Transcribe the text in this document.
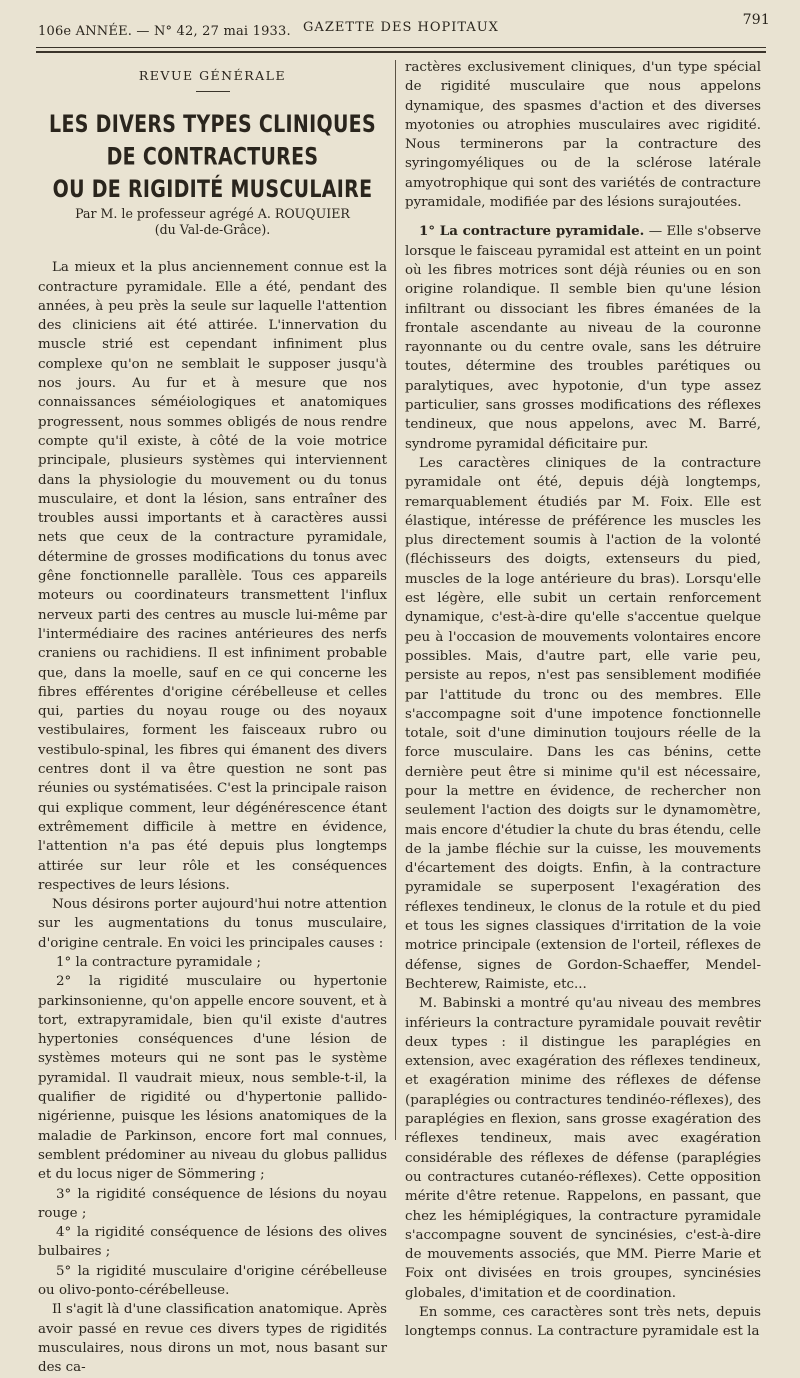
106e ANNÉE. — N° 42, 27 mai 1933. GAZETTE DES HOPITAUX	791
REVUE GÉNÉRALE
LES DIVERS TYPES CLINIQUES DE CONTRACTURES
OU DE RIGIDITÉ MUSCULAIRE
Par M. le professeur agrégé A. ROUQUIER
(du Val-de-Grâce).

La mieux et la plus anciennement connue est la contracture pyramidale. Elle a été, pendant des années, à peu près la seule sur laquelle l'attention des cliniciens ait été attirée. L'innervation du muscle strié est cependant infiniment plus complexe qu'on ne semblait le supposer jusqu'à nos jours. Au fur et à mesure que nos connaissances séméiologiques et anatomiques progressent, nous sommes obligés de nous rendre compte qu'il existe, à côté de la voie motrice principale, plusieurs systèmes qui interviennent dans la physiologie du mouvement ou du tonus musculaire, et dont la lésion, sans entraîner des troubles aussi importants et à caractères aussi nets que ceux de la contracture pyramidale, détermine de grosses modifications du tonus avec gêne fonctionnelle parallèle. Tous ces appareils moteurs ou coordinateurs transmettent l'influx nerveux parti des centres au muscle lui-même par l'intermédiaire des racines antérieures des nerfs craniens ou rachidiens. Il est infiniment probable que, dans la moelle, sauf en ce qui concerne les fibres efférentes d'origine cérébelleuse et celles qui, parties du noyau rouge ou des noyaux vestibulaires, forment les faisceaux rubro ou vestibulo-spinal, les fibres qui émanent des divers centres dont il va être question ne sont pas réunies ou systématisées. C'est la principale raison qui explique comment, leur dégénérescence étant extrêmement difficile à mettre en évidence, l'attention n'a pas été depuis plus longtemps attirée sur leur rôle et les conséquences respectives de leurs lésions.

Nous désirons porter aujourd'hui notre attention sur les augmentations du tonus musculaire, d'origine centrale. En voici les principales causes :

1° la contracture pyramidale ;

2° la rigidité musculaire ou hypertonie parkinsonienne, qu'on appelle encore souvent, et à tort, extrapyramidale, bien qu'il existe d'autres hypertonies conséquences d'une lésion de systèmes moteurs qui ne sont pas le système pyramidal. Il vaudrait mieux, nous semble-t-il, la qualifier de rigidité ou d'hypertonie pallido-nigérienne, puisque les lésions anatomiques de la maladie de Parkinson, encore fort mal connues, semblent prédominer au niveau du globus pallidus et du locus niger de Sömmering ;

3° la rigidité conséquence de lésions du noyau rouge ;

4° la rigidité conséquence de lésions des olives bulbaires ;

5° la rigidité musculaire d'origine cérébelleuse ou olivo-ponto-cérébelleuse.

Il s'agit là d'une classification anatomique. Après avoir passé en revue ces divers types de rigidités musculaires, nous dirons un mot, nous basant sur des ca-

ractères exclusivement cliniques, d'un type spécial de rigidité musculaire que nous appelons dynamique, des spasmes d'action et des diverses myotonies ou atrophies musculaires avec rigidité. Nous terminerons par la contracture des syringomyéliques ou de la sclérose latérale amyotrophique qui sont des variétés de contracture pyramidale, modifiée par des lésions surajoutées.

1° La contracture pyramidale. — Elle s'observe lorsque le faisceau pyramidal est atteint en un point où les fibres motrices sont déjà réunies ou en son origine rolandique. Il semble bien qu'une lésion infiltrant ou dissociant les fibres émanées de la frontale ascendante au niveau de la couronne rayonnante ou du centre ovale, sans les détruire toutes, détermine des troubles parétiques ou paralytiques, avec hypotonie, d'un type assez particulier, sans grosses modifications des réflexes tendineux, que nous appelons, avec M. Barré, syndrome pyramidal déficitaire pur.

Les caractères cliniques de la contracture pyramidale ont été, depuis déjà longtemps, remarquablement étudiés par M. Foix. Elle est élastique, intéresse de préférence les muscles les plus directement soumis à l'action de la volonté (fléchisseurs des doigts, extenseurs du pied, muscles de la loge antérieure du bras). Lorsqu'elle est légère, elle subit un certain renforcement dynamique, c'est-à-dire qu'elle s'accentue quelque peu à l'occasion de mouvements volontaires encore possibles. Mais, d'autre part, elle varie peu, persiste au repos, n'est pas sensiblement modifiée par l'attitude du tronc ou des membres. Elle s'accompagne soit d'une impotence fonctionnelle totale, soit d'une diminution toujours réelle de la force musculaire. Dans les cas bénins, cette dernière peut être si minime qu'il est nécessaire, pour la mettre en évidence, de rechercher non seulement l'action des doigts sur le dynamomètre, mais encore d'étudier la chute du bras étendu, celle de la jambe fléchie sur la cuisse, les mouvements d'écartement des doigts. Enfin, à la contracture pyramidale se superposent l'exagération des réflexes tendineux, le clonus de la rotule et du pied et tous les signes classiques d'irritation de la voie motrice principale (extension de l'orteil, réflexes de défense, signes de Gordon-Schaeffer, Mendel-Bechterew, Raimiste, etc...

M. Babinski a montré qu'au niveau des membres inférieurs la contracture pyramidale pouvait revêtir deux types : il distingue les paraplégies en extension, avec exagération des réflexes tendineux, et exagération minime des réflexes de défense (paraplégies ou contractures tendinéo-réflexes), des paraplégies en flexion, sans grosse exagération des réflexes tendineux, mais avec exagération considérable des réflexes de défense (paraplégies ou contractures cutanéo-réflexes). Cette opposition mérite d'être retenue. Rappelons, en passant, que chez les hémiplégiques, la contracture pyramidale s'accompagne souvent de syncinésies, c'est-à-dire de mouvements associés, que MM. Pierre Marie et Foix ont divisées en trois groupes, syncinésies globales, d'imitation et de coordination.

En somme, ces caractères sont très nets, depuis longtemps connus. La contracture pyramidale est la
